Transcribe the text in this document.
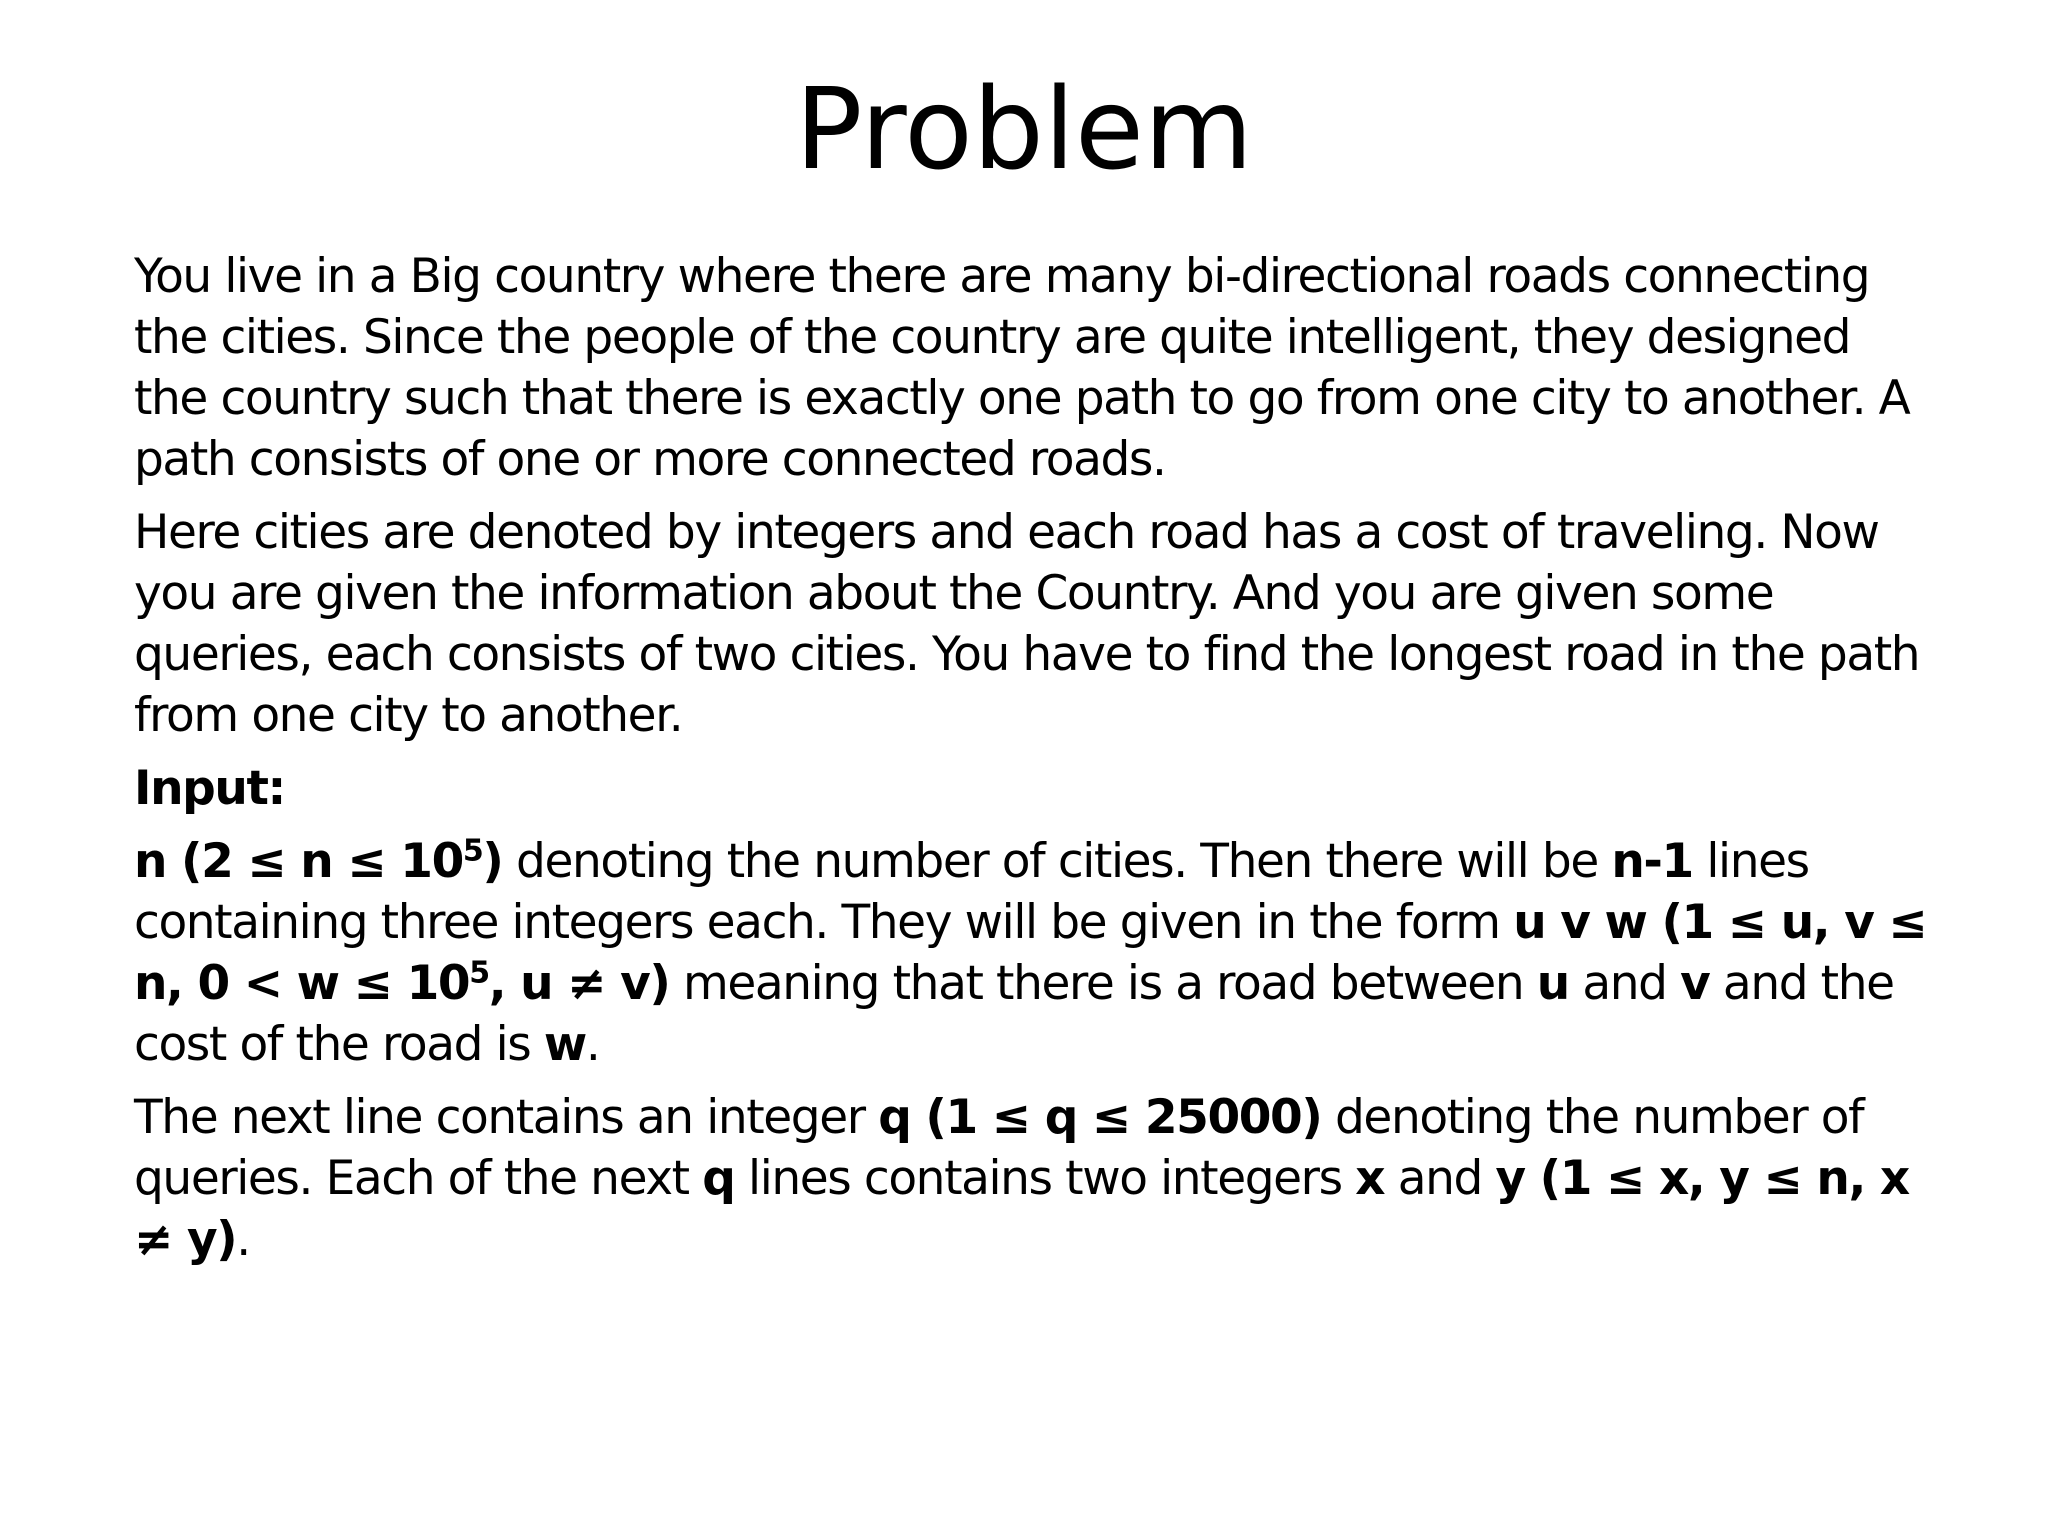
Problem

You live in a Big country where there are many bi-directional roads connecting the cities. Since the people of the country are quite intelligent, they designed the country such that there is exactly one path to go from one city to another. A path consists of one or more connected roads.

Here cities are denoted by integers and each road has a cost of traveling. Now you are given the information about the Country. And you are given some queries, each consists of two cities. You have to find the longest road in the path from one city to another.

Input:

n $(2 \le n \le 10^5)$ denoting the number of cities. Then there will be n-1 lines containing three integers each. They will be given in the form u v w (1 ≤ u, v ≤ n, $0 < w \le 10^5$, u ≠ v) meaning that there is a road between u and v and the cost of the road is w.

The next line contains an integer q (1 ≤ q ≤ 25000) denoting the number of queries. Each of the next q lines contains two integers x and y (1 ≤ x, y ≤ n, x ≠ y).
